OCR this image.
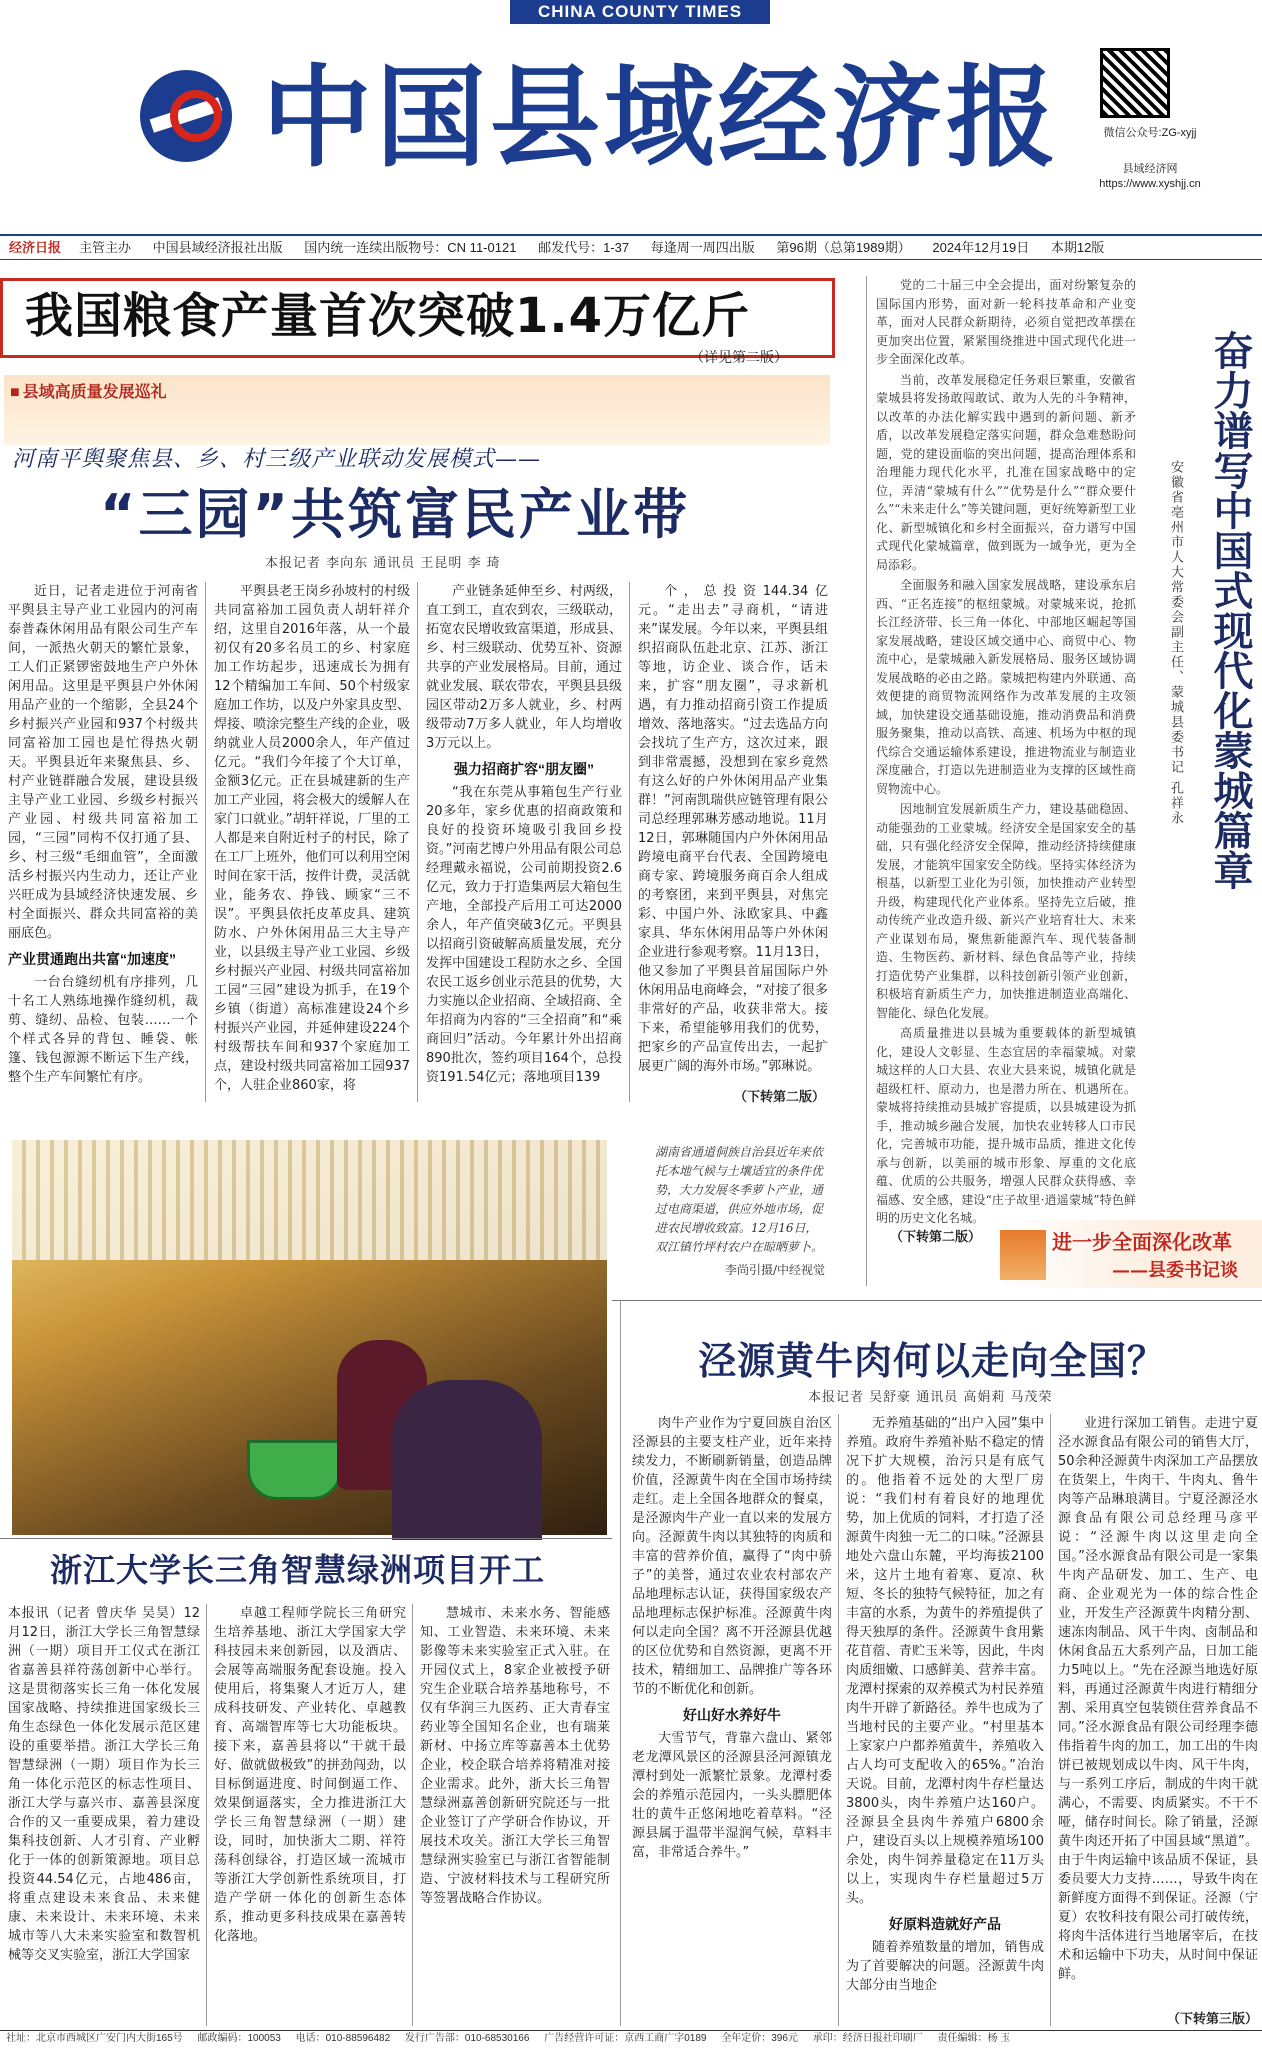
CHINA COUNTY TIMES
中国县域经济报	微信公众号:ZG-xyjj
县域经济网
https://www.xyshjj.cn
经济日报 主管主办 中国县域经济报社出版 国内统一连续出版物号：CN 11-0121 邮发代号：1-37 每逢周一周四出版 第96期（总第1989期） 2024年12月19日 本期12版
我国粮食产量首次突破1.4万亿斤
（详见第二版）
■ 县域高质量发展巡礼
河南平舆聚焦县、乡、村三级产业联动发展模式——
“三园”共筑富民产业带
本报记者 李向东 通讯员 王昆明 李 琦

近日，记者走进位于河南省平舆县主导产业工业园内的河南泰普森休闲用品有限公司生产车间，一派热火朝天的繁忙景象，工人们正紧锣密鼓地生产户外休闲用品。这里是平舆县户外休闲用品产业的一个缩影，全县24个乡村振兴产业园和937个村级共同富裕加工园也是忙得热火朝天。平舆县近年来聚焦县、乡、村产业链群融合发展，建设县级主导产业工业园、乡级乡村振兴产业园、村级共同富裕加工园，“三园”同构不仅打通了县、乡、村三级“毛细血管”，全面激活乡村振兴内生动力，还让产业兴旺成为县域经济快速发展、乡村全面振兴、群众共同富裕的美丽底色。

产业贯通跑出共富“加速度”

一台台缝纫机有序排列，几十名工人熟练地操作缝纫机，裁剪、缝纫、品检、包装……一个个样式各异的背包、睡袋、帐篷、钱包源源不断运下生产线，整个生产车间繁忙有序。

平舆县老王岗乡孙坡村的村级共同富裕加工园负责人胡轩祥介绍，这里自2016年落，从一个最初仅有20多名员工的乡、村家庭加工作坊起步，迅速成长为拥有12个精编加工车间、50个村级家庭加工作坊，以及户外家具皮型、焊接、喷涂完整生产线的企业，吸纳就业人员2000余人，年产值过亿元。“我们今年接了个大订单，金额3亿元。正在县城建新的生产加工产业园，将会极大的缓解人在家门口就业。”胡轩祥说，厂里的工人都是来自附近村子的村民，除了在工厂上班外，他们可以利用空闲时间在家干活，按件计费，灵活就业，能务农、挣钱、顾家“三不误”。平舆县依托皮革皮具、建筑防水、户外休闲用品三大主导产业，以县级主导产业工业园、乡级乡村振兴产业园、村级共同富裕加工园“三园”建设为抓手，在19个乡镇（街道）高标准建设24个乡村振兴产业园，并延伸建设224个村级帮扶车间和937个家庭加工点，建设村级共同富裕加工园937个，人驻企业860家，将

产业链条延伸至乡、村两级，直工到工，直农到农，三级联动，拓宽农民增收致富渠道，形成县、乡、村三级联动、优势互补、资源共享的产业发展格局。目前，通过就业发展、联农带农，平舆县县级园区带动2万多人就业，乡、村两级带动7万多人就业，年人均增收3万元以上。

强力招商扩容“朋友圈”

“我在东莞从事箱包生产行业20多年，家乡优惠的招商政策和良好的投资环境吸引我回乡投资。”河南艺博户外用品有限公司总经理戴永福说，公司前期投资2.6亿元，致力于打造集两层大箱包生产地，全部投产后用工可达2000余人，年产值突破3亿元。平舆县以招商引资破解高质量发展，充分发挥中国建设工程防水之乡、全国农民工返乡创业示范县的优势，大力实施以企业招商、全域招商、全年招商为内容的“三全招商”和“乘商回归”活动。今年累计外出招商890批次，签约项目164个，总投资191.54亿元；落地项目139

个，总投资144.34亿元。“走出去”寻商机，“请进来”谋发展。今年以来，平舆县组织招商队伍赴北京、江苏、浙江等地，访企业、谈合作，话未来，扩容“朋友圈”，寻求新机遇，有力推动招商引资工作提质增效、落地落实。“过去选品方向会找坑了生产方，这次过来，跟到非常震撼，没想到在家乡竟然有这么好的户外休闲用品产业集群！”河南凯瑞供应链管理有限公司总经理郭琳芳感动地说。11月12日，郭琳随国内户外休闲用品跨境电商平台代表、全国跨境电商专家、跨境服务商百余人组成的考察团，来到平舆县，对焦完彩、中国户外、泳欧家具、中鑫家具、华东休闲用品等户外休闲企业进行参观考察。11月13日，他又参加了平舆县首届国际户外休闲用品电商峰会，“对接了很多非常好的产品，收获非常大。接下来，希望能够用我们的优势，把家乡的产品宣传出去，一起扩展更广阔的海外市场。”郭琳说。

（下转第二版）
湖南省通道侗族自治县近年来依托本地气候与土壤适宜的条件优势，大力发展冬季萝卜产业，通过电商渠道，供应外地市场，促进农民增收致富。12月16日，双江镇竹坪村农户在晾晒萝卜。
李尚引摄/中经视觉

党的二十届三中全会提出，面对纷繁复杂的国际国内形势，面对新一轮科技革命和产业变革，面对人民群众新期待，必须自觉把改革摆在更加突出位置，紧紧围绕推进中国式现代化进一步全面深化改革。

当前，改革发展稳定任务艰巨繁重，安徽省蒙城县将发扬敢闯敢试、敢为人先的斗争精神，以改革的办法化解实践中遇到的新问题、新矛盾，以改革发展稳定落实问题，群众急难愁盼问题，党的建设面临的突出问题，提高治理体系和治理能力现代化水平，扎准在国家战略中的定位，弄清“蒙城有什么”“优势是什么”“群众要什么”“未来走什么”等关键问题，更好统筹新型工业化、新型城镇化和乡村全面振兴，奋力谱写中国式现代化蒙城篇章，做到既为一域争光，更为全局添彩。

全面服务和融入国家发展战略，建设承东启西、“正名连接”的枢纽蒙城。对蒙城来说，抢抓长江经济带、长三角一体化、中部地区崛起等国家发展战略，建设区域交通中心、商贸中心、物流中心，是蒙城融入新发展格局、服务区域协调发展战略的必由之路。蒙城把构建内外联通、高效便捷的商贸物流网络作为改革发展的主攻领域，加快建设交通基础设施，推动消费品和消费服务聚集，推动以高铁、高速、机场为中枢的现代综合交通运输体系建设，推进物流业与制造业深度融合，打造以先进制造业为支撑的区域性商贸物流中心。

因地制宜发展新质生产力，建设基础稳固、动能强劲的工业蒙城。经济安全是国家安全的基础，只有强化经济安全保障，推动经济持续健康发展，才能筑牢国家安全防线。坚持实体经济为根基，以新型工业化为引领，加快推动产业转型升级，构建现代化产业体系。坚持先立后破，推动传统产业改造升级、新兴产业培育壮大、未来产业谋划布局，聚焦新能源汽车、现代装备制造、生物医药、新材料、绿色食品等产业，持续打造优势产业集群，以科技创新引领产业创新，积极培育新质生产力，加快推进制造业高端化、智能化、绿色化发展。

高质量推进以县城为重要载体的新型城镇化，建设人文彰显、生态宜居的幸福蒙城。对蒙城这样的人口大县、农业大县来说，城镇化就是超级杠杆、原动力，也是潜力所在、机遇所在。蒙城将持续推动县城扩容提质，以县城建设为抓手，推动城乡融合发展，加快农业转移人口市民化，完善城市功能，提升城市品质，推进文化传承与创新，以美丽的城市形象、厚重的文化底蕴、优质的公共服务，增强人民群众获得感、幸福感、安全感，建设“庄子故里·逍遥蒙城”特色鲜明的历史文化名城。

（下转第二版）
奋力谱写中国式现代化蒙城篇章
安徽省亳州市人大常委会副主任、蒙城县委书记 孔祥永
进一步全面深化改革
——县委书记谈
泾源黄牛肉何以走向全国？
本报记者 吴舒豪 通讯员 高娟莉 马茂荣

肉牛产业作为宁夏回族自治区泾源县的主要支柱产业，近年来持续发力，不断刷新销量，创造品牌价值，泾源黄牛肉在全国市场持续走红。走上全国各地群众的餐桌，是泾源肉牛产业一直以来的发展方向。泾源黄牛肉以其独特的肉质和丰富的营养价值，赢得了“肉中骄子”的美誉，通过农业农村部农产品地理标志认证，获得国家级农产品地理标志保护标准。泾源黄牛肉何以走向全国？离不开泾源县优越的区位优势和自然资源，更离不开技术，精细加工、品牌推广等各环节的不断优化和创新。

好山好水养好牛

大雪节气，背靠六盘山、紧邻老龙潭风景区的泾源县泾河源镇龙潭村到处一派繁忙景象。龙潭村委会的养殖示范园内，一头头膘肥体壮的黄牛正悠闲地吃着草料。“泾源县属于温带半湿润气候，草料丰富，非常适合养牛。”

无养殖基础的“出户入园”集中养殖。政府牛养殖补贴不稳定的情况下扩大规模，治污只是有底气的。他指着不远处的大型厂房说：“我们村有着良好的地理优势，加上优质的饲料，才打造了泾源黄牛肉独一无二的口味。”泾源县地处六盘山东麓，平均海拔2100米，这片土地有着寒、夏凉、秋短、冬长的独特气候特征，加之有丰富的水系，为黄牛的养殖提供了得天独厚的条件。泾源黄牛食用紫花苜蓿、青贮玉米等，因此，牛肉肉质细嫩、口感鲜美、营养丰富。龙潭村探索的双养模式为村民养殖肉牛开辟了新路径。养牛也成为了当地村民的主要产业。“村里基本上家家户户都养殖黄牛，养殖收入占人均可支配收入的65%。”冶治天说。目前，龙潭村肉牛存栏量达3800头，肉牛养殖户达160户。泾源县全县肉牛养殖户6800余户，建设百头以上规模养殖场100余处，肉牛饲养量稳定在11万头以上，实现肉牛存栏量超过5万头。

好原料造就好产品

随着养殖数量的增加，销售成为了首要解决的问题。泾源黄牛肉大部分由当地企

业进行深加工销售。走进宁夏泾水源食品有限公司的销售大厅，50余种泾源黄牛肉深加工产品摆放在货架上，牛肉干、牛肉丸、鲁牛肉等产品琳琅满目。宁夏泾源泾水源食品有限公司总经理马彦平说：“泾源牛肉以这里走向全国。”泾水源食品有限公司是一家集牛肉产品研发、加工、生产、电商、企业观光为一体的综合性企业，开发生产泾源黄牛肉精分割、速冻肉制品、风干牛肉、卤制品和休闲食品五大系列产品，日加工能力5吨以上。“先在泾源当地选好原料，再通过泾源黄牛肉进行精细分割、采用真空包装锁住营养食品不同。”泾水源食品有限公司经理李德伟指着牛肉的加工，加工出的牛肉饼已被规划成以牛肉、风干牛肉，与一系列工序后，制成的牛肉干就满心，不需要、肉质紧实。不干不哑，储存时间长。除了销量，泾源黄牛肉还开拓了中国县域“黑道”。由于牛肉运输中该品质不保证，县委员要大力支持……，导致牛肉在新鲜度方面得不到保证。泾源（宁夏）农牧科技有限公司打破传统，将肉牛活体进行当地屠宰后，在技术和运输中下功夫，从时间中保证鲜。

（下转第三版）
浙江大学长三角智慧绿洲项目开工

本报讯（记者 曾庆华 吴昊）12月12日，浙江大学长三角智慧绿洲（一期）项目开工仪式在浙江省嘉善县祥符荡创新中心举行。这是贯彻落实长三角一体化发展国家战略、持续推进国家级长三角生态绿色一体化发展示范区建设的重要举措。浙江大学长三角智慧绿洲（一期）项目作为长三角一体化示范区的标志性项目、浙江大学与嘉兴市、嘉善县深度合作的又一重要成果，着力建设集科技创新、人才引育、产业孵化于一体的创新策源地。项目总投资44.54亿元，占地486亩，将重点建设未来食品、未来健康、未来设计、未来环境、未来城市等八大未来实验室和数智机械等交叉实验室，浙江大学国家

卓越工程师学院长三角研究生培养基地、浙江大学国家大学科技园未来创新园，以及酒店、会展等高端服务配套设施。投入使用后，将集聚人才近万人，建成科技研发、产业转化、卓越教育、高端智库等七大功能板块。接下来，嘉善县将以“干就干最好、做就做极致”的拼劲闯劲，以目标倒逼进度、时间倒逼工作、效果倒逼落实，全力推进浙江大学长三角智慧绿洲（一期）建设，同时，加快浙大二期、祥符荡科创绿谷，打造区域一流城市等浙江大学创新性系统项目，打造产学研一体化的创新生态体系，推动更多科技成果在嘉善转化落地。

慧城市、未来水务、智能感知、工业智造、未来环境、未来影像等未来实验室正式入驻。在开园仪式上，8家企业被授予研究生企业联合培养基地称号，不仅有华润三九医药、正大青春宝药业等全国知名企业，也有瑞莱新材、中扬立库等嘉善本土优势企业，校企联合培养将精准对接企业需求。此外，浙大长三角智慧绿洲嘉善创新研究院还与一批企业签订了产学研合作协议，开展技术攻关。浙江大学长三角智慧绿洲实验室已与浙江省智能制造、宁波材料技术与工程研究所等签署战略合作协议。

社址：北京市西城区广安门内大街165号 邮政编码：100053 电话：010-88596482 发行广告部：010-68530166 广告经营许可证：京西工商广字0189 全年定价：396元 承印：经济日报社印刷厂 责任编辑：杨 玉
